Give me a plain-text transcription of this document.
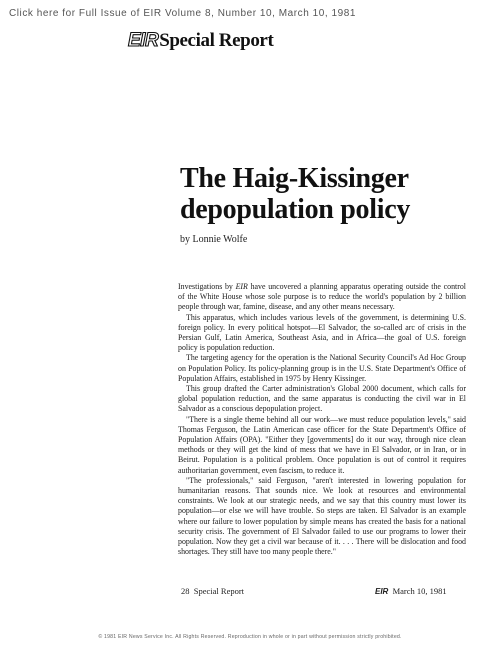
Click here for Full Issue of EIR Volume 8, Number 10, March 10, 1981
EIR Special Report
The Haig-Kissinger
depopulation policy
by Lonnie Wolfe

Investigations by EIR have uncovered a planning apparatus operating outside the control of the White House whose sole purpose is to reduce the world's population by 2 billion people through war, famine, disease, and any other means necessary.

This apparatus, which includes various levels of the government, is determining U.S. foreign policy. In every political hotspot—El Salvador, the so-called arc of crisis in the Persian Gulf, Latin America, Southeast Asia, and in Africa—the goal of U.S. foreign policy is population reduction.

The targeting agency for the operation is the National Security Council's Ad Hoc Group on Population Policy. Its policy-planning group is in the U.S. State Department's Office of Population Affairs, established in 1975 by Henry Kissinger.

This group drafted the Carter administration's Global 2000 document, which calls for global population reduction, and the same apparatus is conducting the civil war in El Salvador as a conscious depopulation project.

"There is a single theme behind all our work—we must reduce population levels," said Thomas Ferguson, the Latin American case officer for the State Department's Office of Population Affairs (OPA). "Either they [governments] do it our way, through nice clean methods or they will get the kind of mess that we have in El Salvador, or in Iran, or in Beirut. Population is a political problem. Once population is out of control it requires authoritarian government, even fascism, to reduce it.

"The professionals," said Ferguson, "aren't interested in lowering population for humanitarian reasons. That sounds nice. We look at resources and environmental constraints. We look at our strategic needs, and we say that this country must lower its population—or else we will have trouble. So steps are taken. El Salvador is an example where our failure to lower population by simple means has created the basis for a national security crisis. The government of El Salvador failed to use our programs to lower their population. Now they get a civil war because of it. . . . There will be dislocation and food shortages. They still have too many people there."

28 Special Report	EIR March 10, 1981
© 1981 EIR News Service Inc. All Rights Reserved. Reproduction in whole or in part without permission strictly prohibited.
